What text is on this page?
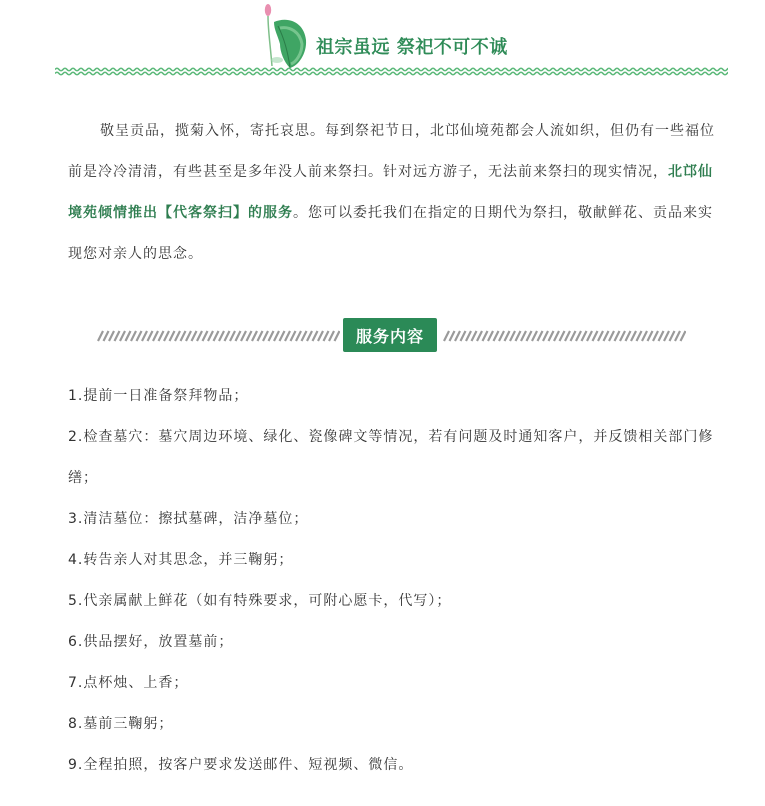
祖宗虽远 祭祀不可不诚
敬呈贡品，揽菊入怀，寄托哀思。每到祭祀节日，北邙仙境苑都会人流如织，但仍有一些福位前是冷冷清清，有些甚至是多年没人前来祭扫。针对远方游子，无法前来祭扫的现实情况，北邙仙境苑倾情推出【代客祭扫】的服务。您可以委托我们在指定的日期代为祭扫，敬献鲜花、贡品来实现您对亲人的思念。
服务内容
1.提前一日准备祭拜物品；
2.检查墓穴：墓穴周边环境、绿化、瓷像碑文等情况，若有问题及时通知客户，并反馈相关部门修缮；
3.清洁墓位：擦拭墓碑，洁净墓位；
4.转告亲人对其思念，并三鞠躬；
5.代亲属献上鲜花（如有特殊要求，可附心愿卡，代写）；
6.供品摆好，放置墓前；
7.点杯烛、上香；
8.墓前三鞠躬；
9.全程拍照，按客户要求发送邮件、短视频、微信。
